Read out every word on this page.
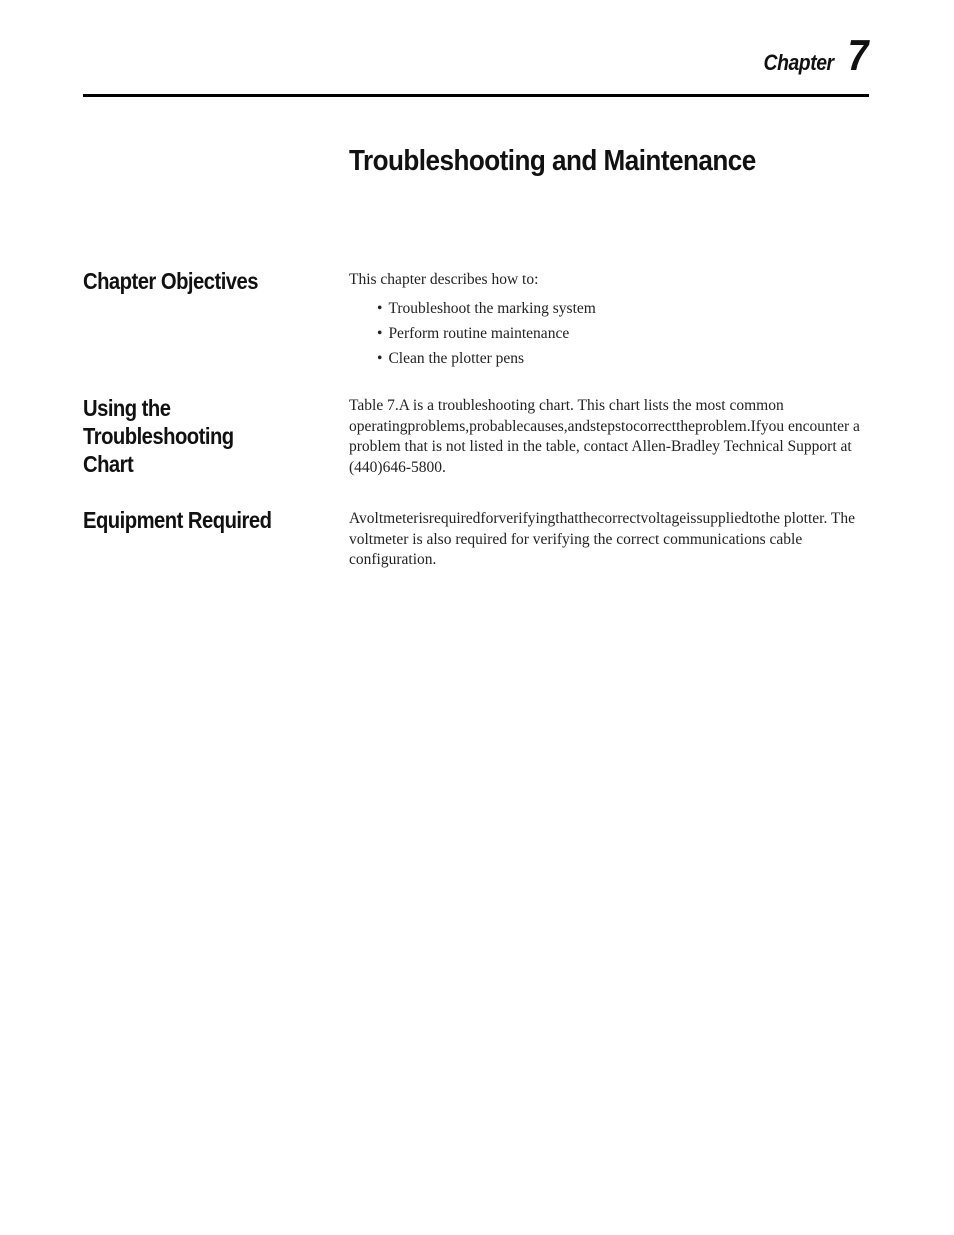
Chapter 7
Troubleshooting and Maintenance
Chapter Objectives	This chapter describes how to:
• Troubleshoot the marking system
• Perform routine maintenance
• Clean the plotter pens
Using the Troubleshooting
Chart

Table 7.A is a troubleshooting chart. This chart lists the most common operatingproblems,probablecauses,andstepstocorrecttheproblem.Ifyou encounter a problem that is not listed in the table, contact Allen-Bradley Technical Support at (440)646-5800.

Equipment Required	Avoltmeterisrequiredforverifyingthatthecorrectvoltageissuppliedtothe plotter. The voltmeter is also required for verifying the correct communications cable configuration.
